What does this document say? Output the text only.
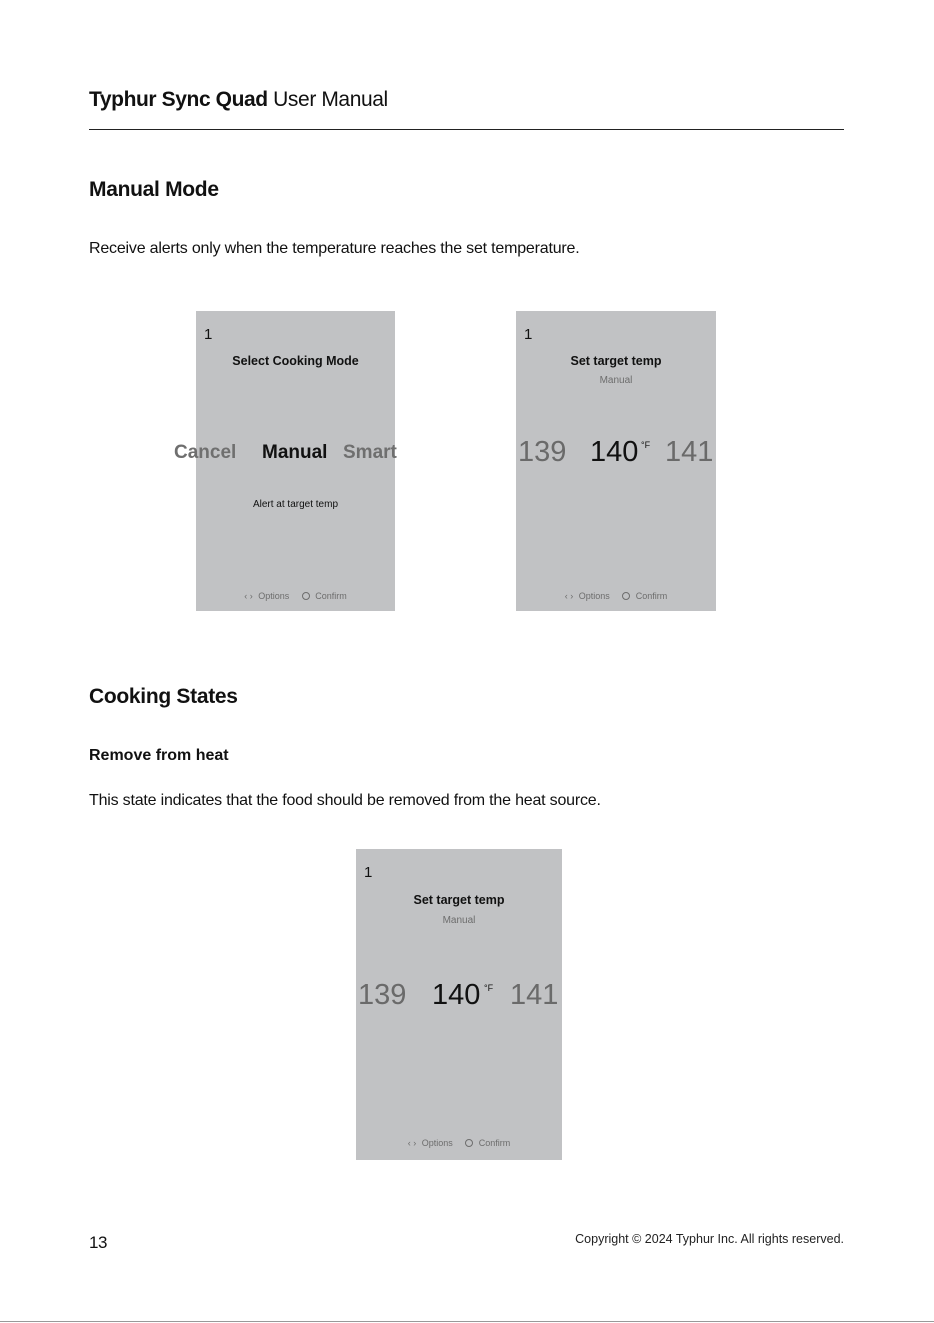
Typhur Sync Quad User Manual
Manual Mode
Receive alerts only when the temperature reaches the set temperature.
1
Select Cooking Mode
Cancel Manual Smart
Alert at target temp
‹ › Options	Confirm
1
Set target temp
Manual
139 140 °F 141
‹ › Options	Confirm
Cooking States
Remove from heat
This state indicates that the food should be removed from the heat source.
1
Set target temp
Manual
139 140 °F 141
‹ › Options	Confirm
13	Copyright © 2024 Typhur Inc. All rights reserved.
